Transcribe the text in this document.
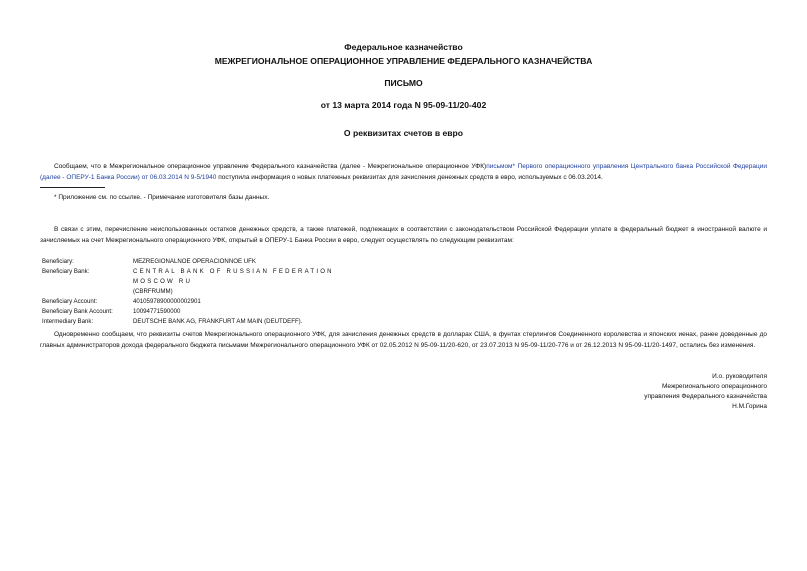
Федеральное казначейство
МЕЖРЕГИОНАЛЬНОЕ ОПЕРАЦИОННОЕ УПРАВЛЕНИЕ ФЕДЕРАЛЬНОГО КАЗНАЧЕЙСТВА
ПИСЬМО
от 13 марта 2014 года N 95-09-11/20-402
О реквизитах счетов в евро

Сообщаем, что в Межрегиональное операционное управление Федерального казначейства (далее - Межрегиональное операционное УФК)письмом* Первого операционного управления Центрального банка Российской Федерации (далее - ОПЕРУ-1 Банка России) от 06.03.2014 N 9-5/1940 поступила информация о новых платежных реквизитах для зачисления денежных средств в евро, используемых с 06.03.2014.

* Приложение см. по ссылке. - Примечание изготовителя базы данных.

В связи с этим, перечисление неиспользованных остатков денежных средств, а также платежей, подлежащих в соответствии с законодательством Российской Федерации уплате в федеральный бюджет в иностранной валюте и зачисляемых на счет Межрегионального операционного УФК, открытый в ОПЕРУ-1 Банка России в евро, следует осуществлять по следующим реквизитам:

Beneficiary:	MEZREGIONALNOE OPERACIONNOE UFK
Beneficiary Bank:	CENTRAL BANK OF RUSSIAN FEDERATION MOSCOW RU
(CBRFRUMM)
Beneficiary Account:	40105978900000002901
Beneficiary Bank Account:	10094771590000
Intermediary Bank:	DEUTSCHE BANK AG, FRANKFURT AM MAIN (DEUTDEFF).

Одновременно сообщаем, что реквизиты счетов Межрегионального операционного УФК, для зачисления денежных средств в долларах США, в фунтах стерлингов Соединенного королевства и японских иенах, ранее доведенные до главных администраторов дохода федерального бюджета письмами Межрегионального операционного УФК от 02.05.2012 N 95-09-11/20-620, от 23.07.2013 N 95-09-11/20-776 и от 26.12.2013 N 95-09-11/20-1497, остались без изменения.

И.о. руководителя
Межрегионального операционного
управления Федерального казначейства
Н.М.Горина
